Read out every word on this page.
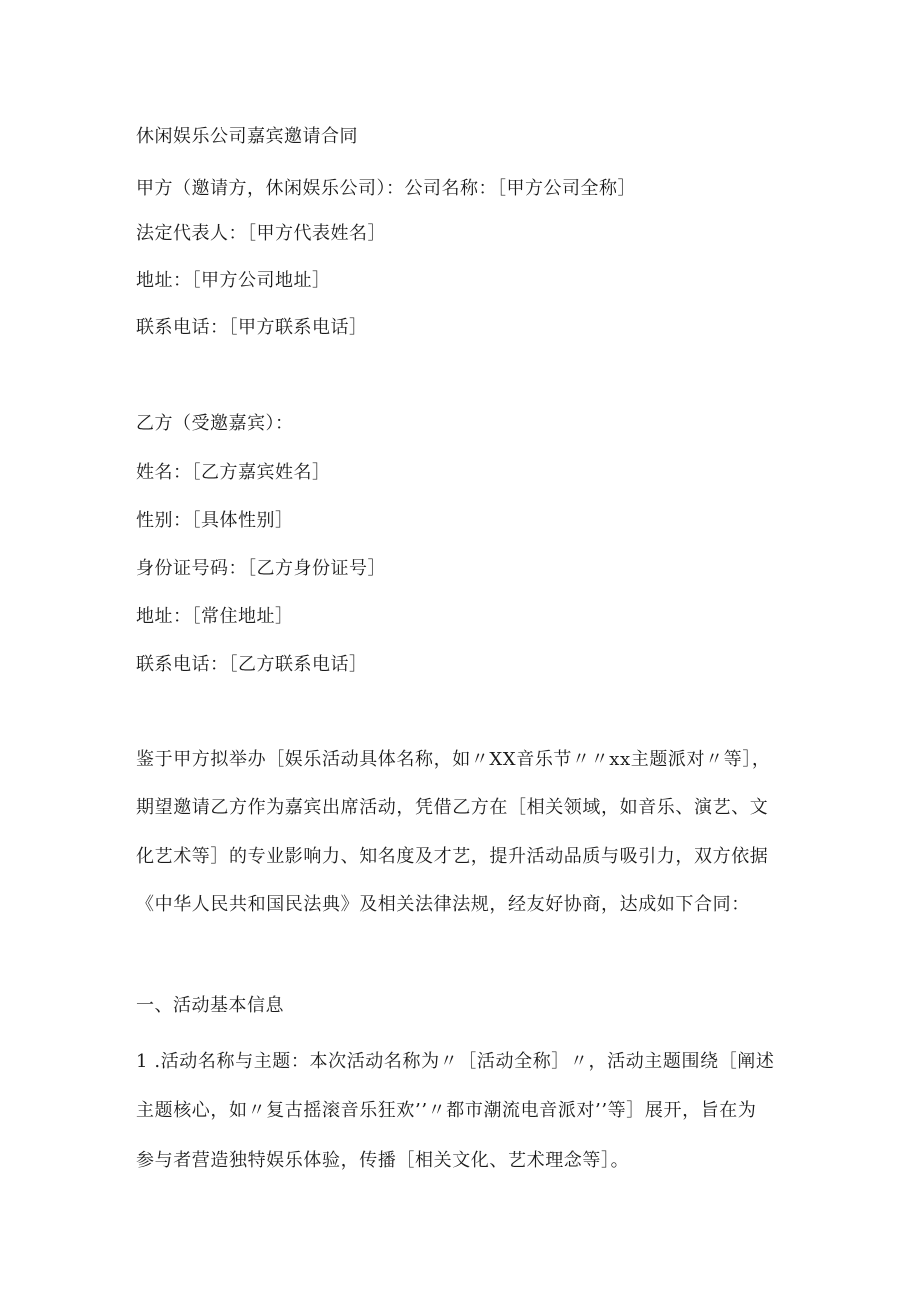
休闲娱乐公司嘉宾邀请合同
甲方（邀请方，休闲娱乐公司）：公司名称：［甲方公司全称］
法定代表人：［甲方代表姓名］
地址：［甲方公司地址］
联系电话：［甲方联系电话］
乙方（受邀嘉宾）：
姓名：［乙方嘉宾姓名］
性别：［具体性别］
身份证号码：［乙方身份证号］
地址：［常住地址］
联系电话：［乙方联系电话］
鉴于甲方拟举办［娱乐活动具体名称，如〃XX音乐节〃〃xx主题派对〃等］，
期望邀请乙方作为嘉宾出席活动，凭借乙方在［相关领域，如音乐、演艺、文
化艺术等］的专业影响力、知名度及才艺，提升活动品质与吸引力，双方依据
《中华人民共和国民法典》及相关法律法规，经友好协商，达成如下合同：
一、活动基本信息
1 .活动名称与主题：本次活动名称为〃［活动全称］〃，活动主题围绕［阐述
主题核心，如〃复古摇滚音乐狂欢’’〃都市潮流电音派对’’等］展开，旨在为
参与者营造独特娱乐体验，传播［相关文化、艺术理念等］。
